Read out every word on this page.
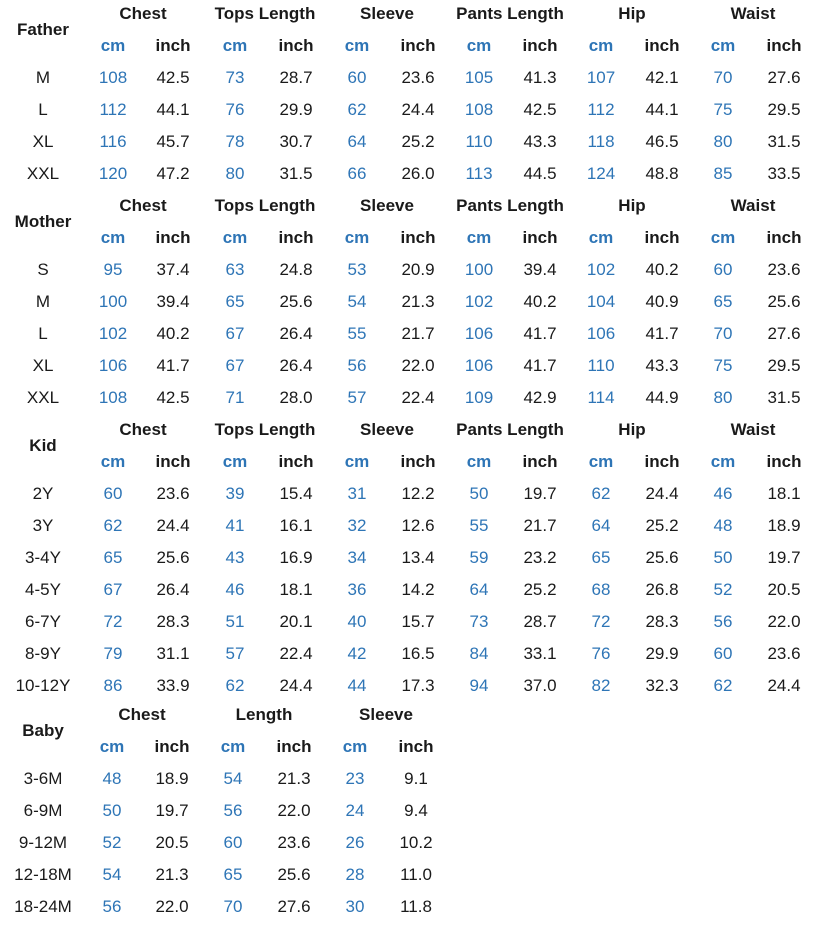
Father
Chest
cm inch
Tops Length
cm inch
Sleeve
cm inch
Pants Length
cm inch
Hip
cm inch
Waist
cm inch
M	108 42.5 73 28.7 60 23.6 105 41.3 107 42.1 70 27.6
L	112 44.1 76 29.9 62 24.4 108 42.5 112 44.1 75 29.5
XL	116 45.7 78 30.7 64 25.2 110 43.3 118 46.5 80 31.5
XXL 120 47.2 80 31.5 66 26.0 113 44.5 124 48.8 85 33.5
Mother
Chest
cm inch
Tops Length
cm inch
Sleeve
cm inch
Pants Length
cm inch
Hip
cm inch
Waist
cm inch
S	95 37.4 63 24.8 53 20.9 100 39.4 102 40.2 60 23.6
M	100 39.4 65 25.6 54 21.3 102 40.2 104 40.9 65 25.6
L	102 40.2 67 26.4 55 21.7 106 41.7 106 41.7 70 27.6
XL	106 41.7 67 26.4 56 22.0 106 41.7 110 43.3 75 29.5
XXL 108 42.5 71 28.0 57 22.4 109 42.9 114 44.9 80 31.5
Kid
Chest
cm inch
Tops Length
cm inch
Sleeve
cm inch
Pants Length
cm inch
Hip
cm inch
Waist
cm inch
2Y	60 23.6 39 15.4 31 12.2 50 19.7 62 24.4 46 18.1
3Y	62 24.4 41 16.1 32 12.6 55 21.7 64 25.2 48 18.9
3-4Y	65 25.6 43 16.9 34 13.4 59 23.2 65 25.6 50 19.7
4-5Y	67 26.4 46 18.1 36 14.2 64 25.2 68 26.8 52 20.5
6-7Y	72 28.3 51 20.1 40 15.7 73 28.7 72 28.3 56 22.0
8-9Y	79 31.1 57 22.4 42 16.5 84 33.1 76 29.9 60 23.6
10-12Y 86 33.9 62 24.4 44 17.3 94 37.0 82 32.3 62 24.4
Baby
Chest
cm inch
Length
cm inch
Sleeve
cm inch
3-6M 48 18.9 54 21.3 23 9.1
6-9M 50 19.7 56 22.0 24 9.4
9-12M 52 20.5 60 23.6 26 10.2
12-18M 54 21.3 65 25.6 28 11.0
18-24M 56 22.0 70 27.6 30 11.8
